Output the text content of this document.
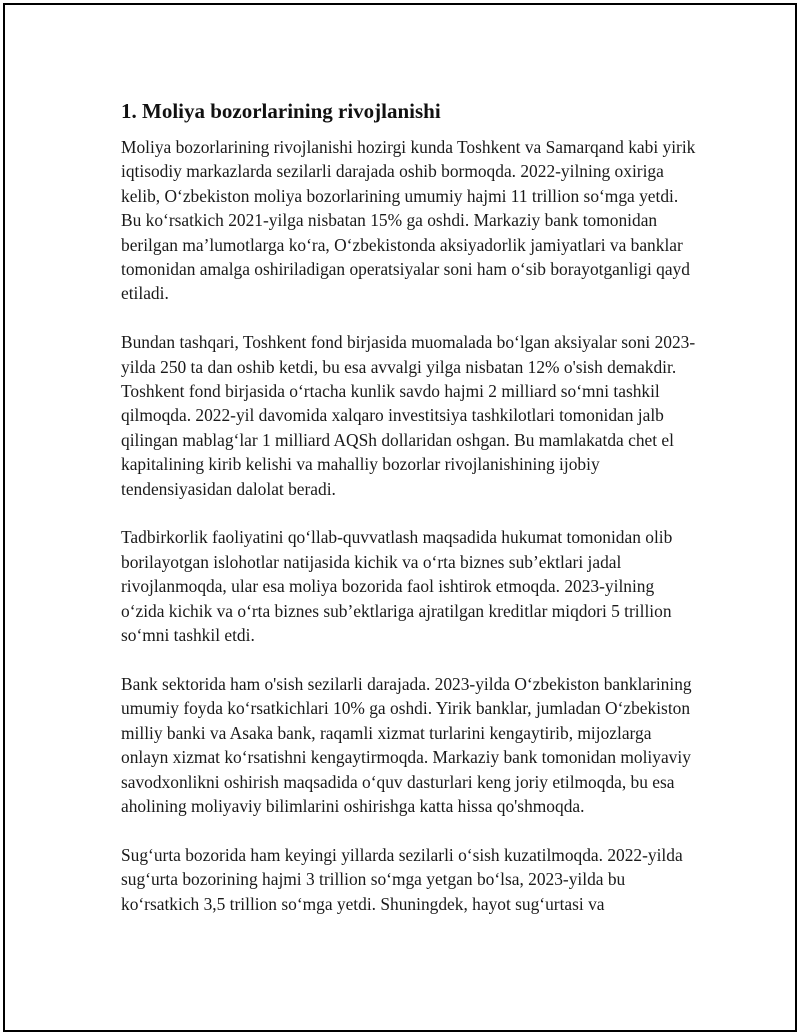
1. Moliya bozorlarining rivojlanishi

Moliya bozorlarining rivojlanishi hozirgi kunda Toshkent va Samarqand kabi yirik iqtisodiy markazlarda sezilarli darajada oshib bormoqda. 2022-yilning oxiriga kelib, O‘zbekiston moliya bozorlarining umumiy hajmi 11 trillion so‘mga yetdi. Bu ko‘rsatkich 2021-yilga nisbatan 15% ga oshdi. Markaziy bank tomonidan berilgan ma’lumotlarga ko‘ra, O‘zbekistonda aksiyadorlik jamiyatlari va banklar tomonidan amalga oshiriladigan operatsiyalar soni ham o‘sib borayotganligi qayd etiladi.

Bundan tashqari, Toshkent fond birjasida muomalada bo‘lgan aksiyalar soni 2023-yilda 250 ta dan oshib ketdi, bu esa avvalgi yilga nisbatan 12% o'sish demakdir. Toshkent fond birjasida o‘rtacha kunlik savdo hajmi 2 milliard so‘mni tashkil qilmoqda. 2022-yil davomida xalqaro investitsiya tashkilotlari tomonidan jalb qilingan mablag‘lar 1 milliard AQSh dollaridan oshgan. Bu mamlakatda chet el kapitalining kirib kelishi va mahalliy bozorlar rivojlanishining ijobiy tendensiyasidan dalolat beradi.

Tadbirkorlik faoliyatini qo‘llab-quvvatlash maqsadida hukumat tomonidan olib borilayotgan islohotlar natijasida kichik va o‘rta biznes sub’ektlari jadal rivojlanmoqda, ular esa moliya bozorida faol ishtirok etmoqda. 2023-yilning o‘zida kichik va o‘rta biznes sub’ektlariga ajratilgan kreditlar miqdori 5 trillion so‘mni tashkil etdi.

Bank sektorida ham o'sish sezilarli darajada. 2023-yilda O‘zbekiston banklarining umumiy foyda ko‘rsatkichlari 10% ga oshdi. Yirik banklar, jumladan O‘zbekiston milliy banki va Asaka bank, raqamli xizmat turlarini kengaytirib, mijozlarga onlayn xizmat ko‘rsatishni kengaytirmoqda. Markaziy bank tomonidan moliyaviy savodxonlikni oshirish maqsadida o‘quv dasturlari keng joriy etilmoqda, bu esa aholining moliyaviy bilimlarini oshirishga katta hissa qo'shmoqda.

Sug‘urta bozorida ham keyingi yillarda sezilarli o‘sish kuzatilmoqda. 2022-yilda sug‘urta bozorining hajmi 3 trillion so‘mga yetgan bo‘lsa, 2023-yilda bu ko‘rsatkich 3,5 trillion so‘mga yetdi. Shuningdek, hayot sug‘urtasi va
